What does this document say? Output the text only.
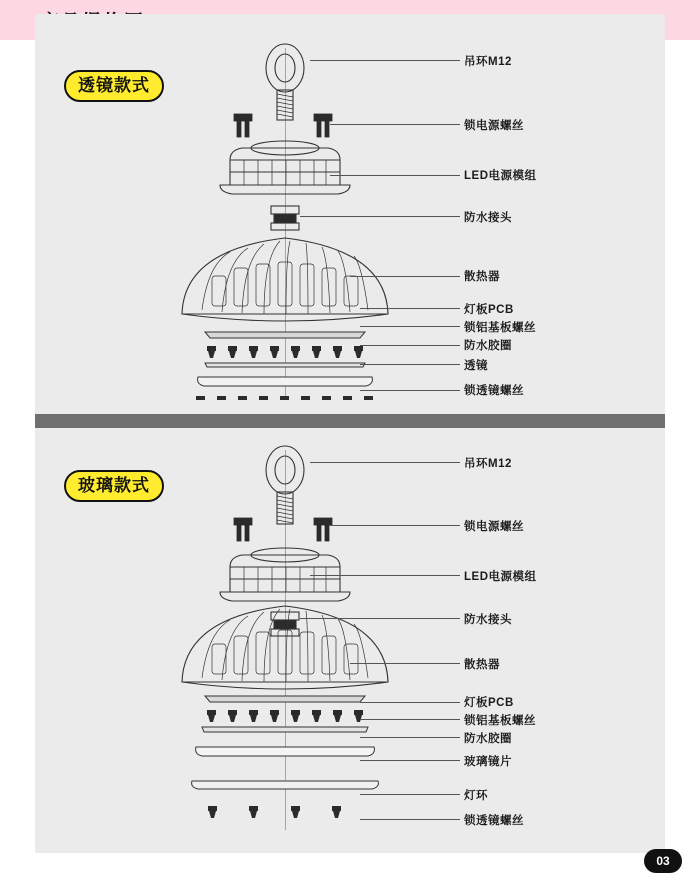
透镜款式
吊环M12
锁电源螺丝
LED电源模组
防水接头
散热器
灯板PCB
锁铝基板螺丝
防水胶圈
透镜
锁透镜螺丝
玻璃款式
吊环M12
锁电源螺丝
LED电源模组
防水接头
散热器
灯板PCB
锁铝基板螺丝
防水胶圈
玻璃镜片
灯环
锁透镜螺丝
03
